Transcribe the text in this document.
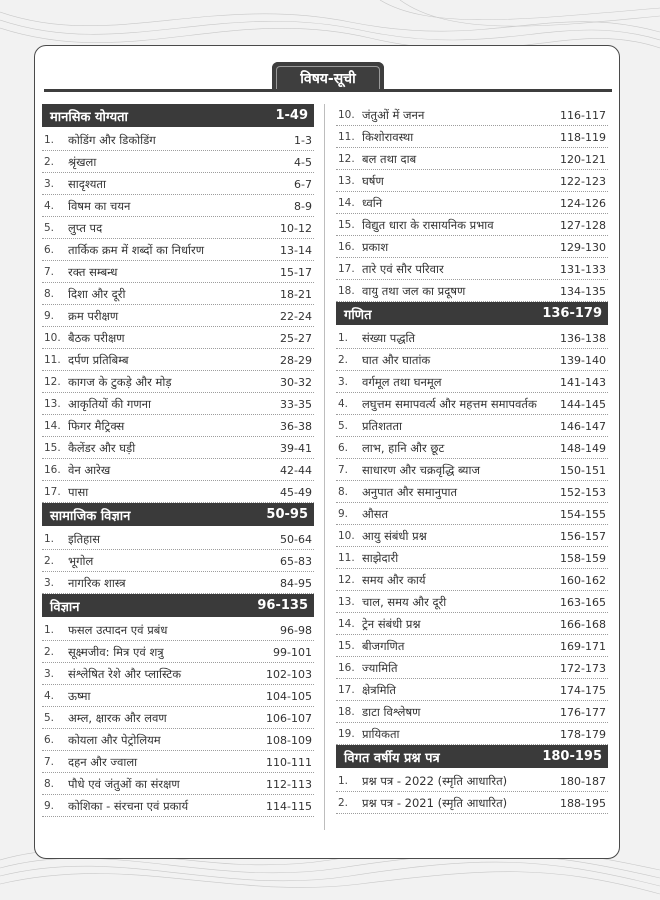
विषय-सूची
मानसिक योग्यता	1-49
1.	कोडिंग और डिकोडिंग	1-3
2.	श्रृंखला	4-5
3.	सादृश्यता	6-7
4.	विषम का चयन	8-9
5.	लुप्त पद	10-12
6.	तार्किक क्रम में शब्दों का निर्धारण	13-14
7.	रक्त सम्बन्ध	15-17
8.	दिशा और दूरी	18-21
9.	क्रम परीक्षण	22-24
10. बैठक परीक्षण	25-27
11. दर्पण प्रतिबिम्ब	28-29
12. कागज के टुकड़े और मोड़	30-32
13. आकृतियों की गणना	33-35
14. फिगर मैट्रिक्स	36-38
15. कैलेंडर और घड़ी	39-41
16. वेन आरेख	42-44
17. पासा	45-49
सामाजिक विज्ञान	50-95
1.	इतिहास	50-64
2.	भूगोल	65-83
3.	नागरिक शास्त्र	84-95
विज्ञान	96-135
1.	फसल उत्पादन एवं प्रबंध	96-98
2.	सूक्ष्मजीव: मित्र एवं शत्रु	99-101
3.	संश्लेषित रेशे और प्लास्टिक	102-103
4.	ऊष्मा	104-105
5.	अम्ल, क्षारक और लवण	106-107
6.	कोयला और पेट्रोलियम	108-109
7.	दहन और ज्वाला	110-111
8.	पौधे एवं जंतुओं का संरक्षण	112-113
9.	कोशिका - संरचना एवं प्रकार्य	114-115
10. जंतुओं में जनन	116-117
11. किशोरावस्था	118-119
12. बल तथा दाब	120-121
13. घर्षण	122-123
14. ध्वनि	124-126
15. विद्युत धारा के रासायनिक प्रभाव	127-128
16. प्रकाश	129-130
17. तारे एवं सौर परिवार	131-133
18. वायु तथा जल का प्रदूषण	134-135
गणित	136-179
1.	संख्या पद्धति	136-138
2.	घात और घातांक	139-140
3.	वर्गमूल तथा घनमूल	141-143
4.	लघुत्तम समापवर्त्य और महत्तम समापवर्तक	144-145
5.	प्रतिशतता	146-147
6.	लाभ, हानि और छूट	148-149
7.	साधारण और चक्रवृद्धि ब्याज	150-151
8.	अनुपात और समानुपात	152-153
9.	औसत	154-155
10. आयु संबंधी प्रश्न	156-157
11. साझेदारी	158-159
12. समय और कार्य	160-162
13. चाल, समय और दूरी	163-165
14. ट्रेन संबंधी प्रश्न	166-168
15. बीजगणित	169-171
16. ज्यामिति	172-173
17. क्षेत्रमिति	174-175
18. डाटा विश्लेषण	176-177
19. प्रायिकता	178-179
विगत वर्षीय प्रश्न पत्र	180-195
1.	प्रश्न पत्र - 2022 (स्मृति आधारित)	180-187
2.	प्रश्न पत्र - 2021 (स्मृति आधारित)	188-195
